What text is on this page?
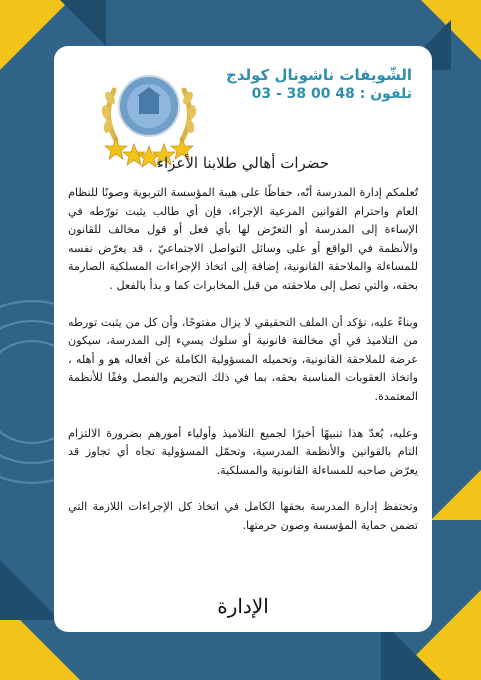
الشّويفات ناشونال كولدج
تلفون : 48 00 38 - 03
حضرات أهالي طلابنا الأعزاء

تُعلمكم إدارة المدرسة أنّه، حفاظًا على هيبة المؤسسة التربوية وصونًا للنظام العام واحترام القوانين المرعية الإجراء، فإن أي طالب يثبت تورّطه في الإساءة إلى المدرسة أو التعرّض لها بأي فعل أو قول مخالف للقانون والأنظمة في الواقع أو على وسائل التواصل الاجتماعيّ ، قد يعرّض نفسه للمساءلة والملاحقة القانونية، إضافة إلى اتخاذ الإجراءات المسلكية الصارمة بحقه، والتي تصل إلى ملاحقته من قبل المخابرات كما و بدأ بالفعل .

وبناءً عليه، نؤكد أن الملف التحقيقي لا يزال مفتوحًا، وأن كل من يثبت تورطه من التلاميذ في أي مخالفة قانونية أو سلوك يسيء إلى المدرسة، سيكون عرضة للملاحقة القانونية، وتحميله المسؤولية الكاملة عن أفعاله هو و أهله ، واتخاذ العقوبات المناسبة بحقه، بما في ذلك التجريم والفصل وفقًا للأنظمة المعتمدة.

وعليه، يُعدّ هذا تنبيهًا أخيرًا لجميع التلاميذ وأولياء أمورهم بضرورة الالتزام التام بالقوانين والأنظمة المدرسية، وتحمّل المسؤولية تجاه أي تجاوز قد يعرّض صاحبه للمساءلة القانونية والمسلكية.

وتحتفظ إدارة المدرسة بحقها الكامل في اتخاذ كل الإجراءات اللازمة التي تضمن حماية المؤسسة وصون حرمتها.

الإدارة
